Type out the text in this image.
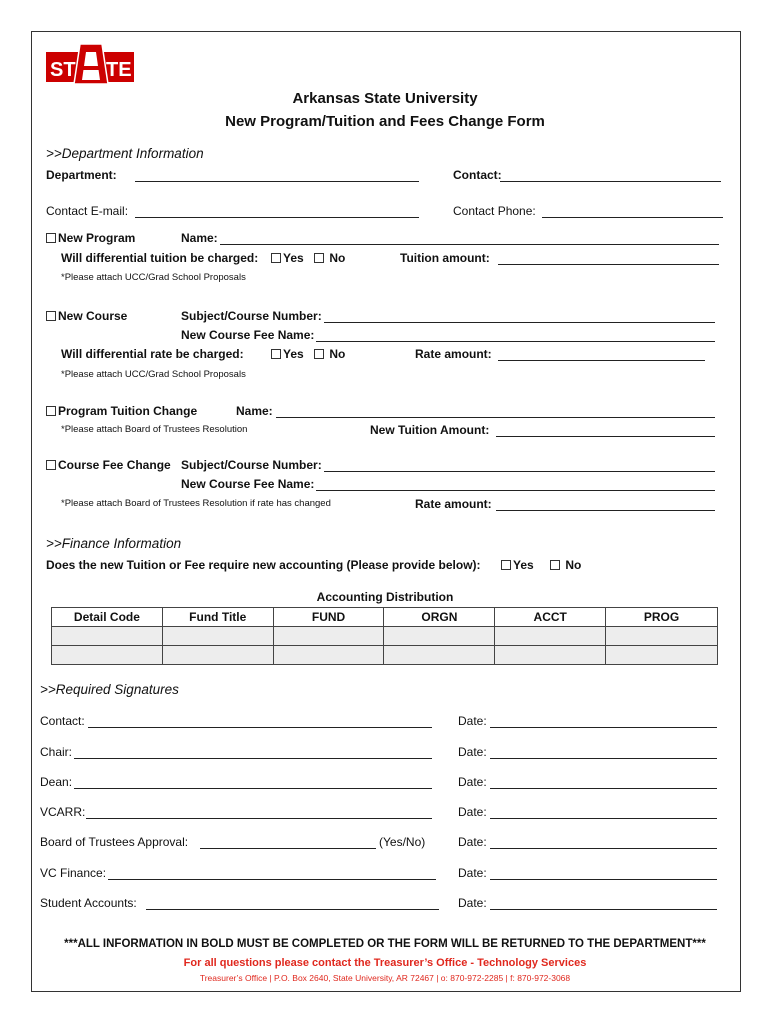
ST TE
Arkansas State University
New Program/Tuition and Fees Change Form
>>Department Information
Department:	Contact:
Contact E-mail:	Contact Phone:
New Program	Name:
Will differential tuition be charged:	Yes	No	Tuition amount:
*Please attach UCC/Grad School Proposals
New Course	Subject/Course Number:
New Course Fee Name:
Will differential rate be charged:	Yes	No	Rate amount:
*Please attach UCC/Grad School Proposals
Program Tuition Change	Name:
*Please attach Board of Trustees Resolution	New Tuition Amount:
Course Fee Change Subject/Course Number:
New Course Fee Name:
*Please attach Board of Trustees Resolution if rate has changed	Rate amount:
>>Finance Information
Does the new Tuition or Fee require new accounting (Please provide below):	Yes	No
Accounting Distribution
Detail Code	Fund Title	FUND	ORGN	ACCT	PROG

>>Required Signatures
Contact:	Date:
Chair:	Date:
Dean:	Date:
VCARR:	Date:
Board of Trustees Approval:	(Yes/No)	Date:
VC Finance:	Date:
Student Accounts:	Date:
***ALL INFORMATION IN BOLD MUST BE COMPLETED OR THE FORM WILL BE RETURNED TO THE DEPARTMENT***
For all questions please contact the Treasurer’s Office - Technology Services
Treasurer’s Office | P.O. Box 2640, State University, AR 72467 | o: 870-972-2285 | f: 870-972-3068
